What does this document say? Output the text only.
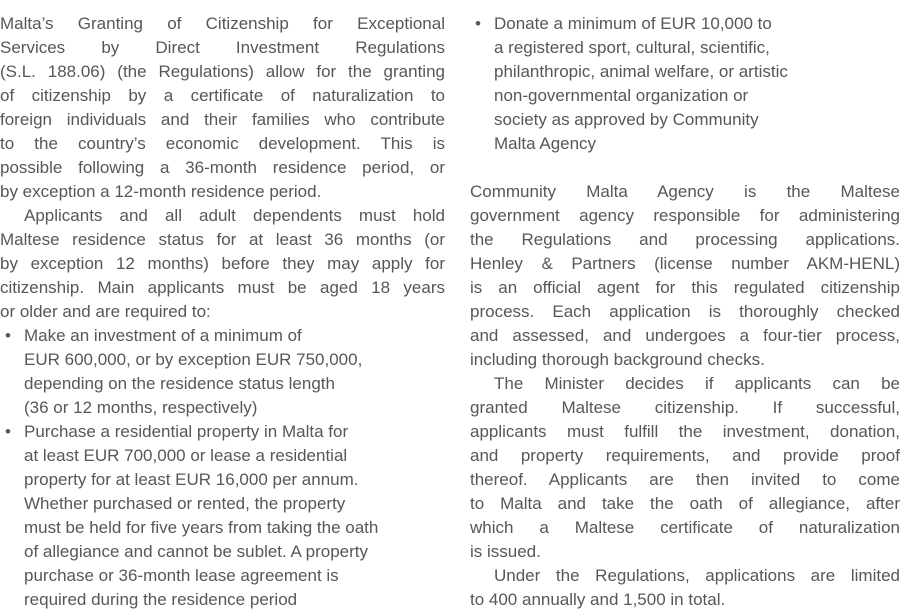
Malta’s Granting of Citizenship for Exceptional
Services by Direct Investment Regulations
(S.L. 188.06) (the Regulations) allow for the granting
of citizenship by a certificate of naturalization to
foreign individuals and their families who contribute
to the country’s economic development. This is
possible following a 36-month residence period, or
by exception a 12-month residence period.
Applicants and all adult dependents must hold
Maltese residence status for at least 36 months (or
by exception 12 months) before they may apply for
citizenship. Main applicants must be aged 18 years
or older and are required to:
• Make an investment of a minimum of
EUR 600,000, or by exception EUR 750,000,
depending on the residence status length
(36 or 12 months, respectively)
• Purchase a residential property in Malta for
at least EUR 700,000 or lease a residential
property for at least EUR 16,000 per annum.
Whether purchased or rented, the property
must be held for five years from taking the oath
of allegiance and cannot be sublet. A property
purchase or 36-month lease agreement is
required during the residence period
• Donate a minimum of EUR 10,000 to
a registered sport, cultural, scientific,
philanthropic, animal welfare, or artistic
non-governmental organization or
society as approved by Community
Malta Agency
Community Malta Agency is the Maltese
government agency responsible for administering
the Regulations and processing applications.
Henley & Partners (license number AKM-HENL)
is an official agent for this regulated citizenship
process. Each application is thoroughly checked
and assessed, and undergoes a four-tier process,
including thorough background checks.
The Minister decides if applicants can be
granted Maltese citizenship. If successful,
applicants must fulfill the investment, donation,
and property requirements, and provide proof
thereof. Applicants are then invited to come
to Malta and take the oath of allegiance, after
which a Maltese certificate of naturalization
is issued.
Under the Regulations, applications are limited
to 400 annually and 1,500 in total.
